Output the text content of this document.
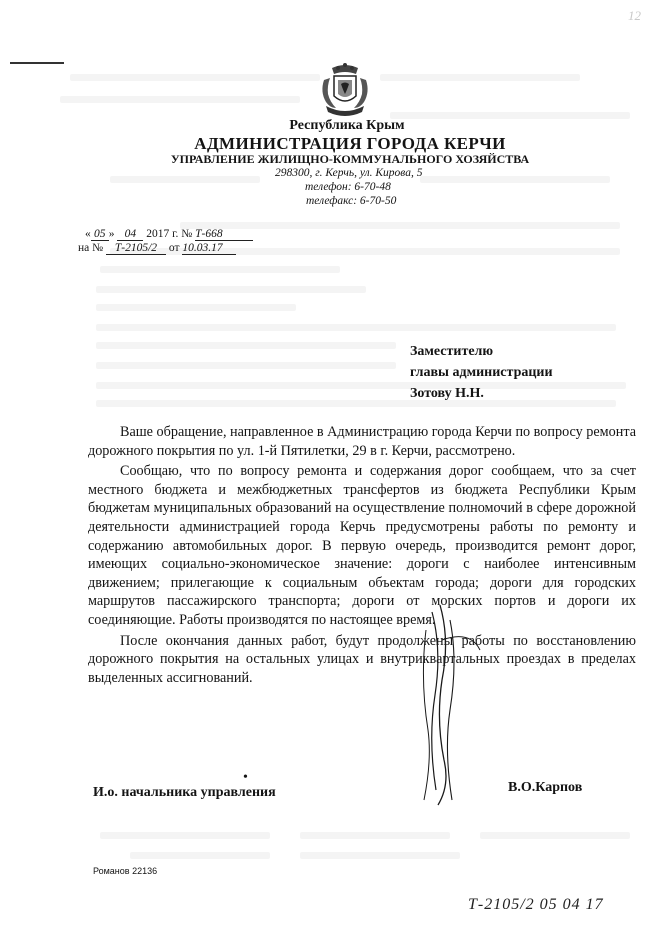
12
Республика Крым
АДМИНИСТРАЦИЯ ГОРОДА КЕРЧИ
УПРАВЛЕНИЕ ЖИЛИЩНО-КОММУНАЛЬНОГО ХОЗЯЙСТВА
298300, г. Керчь, ул. Кирова, 5
телефон: 6-70-48
телефакс: 6-70-50
« 05 » 04 2017 г. № Т-668
на № Т-2105/2 от 10.03.17
Заместителю
главы администрации
Зотову Н.Н.

Ваше обращение, направленное в Администрацию города Керчи по вопросу ремонта дорожного покрытия по ул. 1-й Пятилетки, 29 в г. Керчи, рассмотрено.

Сообщаю, что по вопросу ремонта и содержания дорог сообщаем, что за счет местного бюджета и межбюджетных трансфертов из бюджета Республики Крым бюджетам муниципальных образований на осуществление полномочий в сфере дорожной деятельности администрацией города Керчь предусмотрены работы по ремонту и содержанию автомобильных дорог. В первую очередь, производится ремонт дорог, имеющих социально-экономическое значение: дороги с наиболее интенсивным движением; прилегающие к социальным объектам города; дороги для городских маршрутов пассажирского транспорта; дороги от морских портов и дороги их соединяющие. Работы производятся по настоящее время.

После окончания данных работ, будут продолжены работы по восстановлению дорожного покрытия на остальных улицах и внутриквартальных проездах в пределах выделенных ассигнований.

•
И.о. начальника управления	В.О.Карпов
Романов 22136
Т-2105/2 05 04 17
